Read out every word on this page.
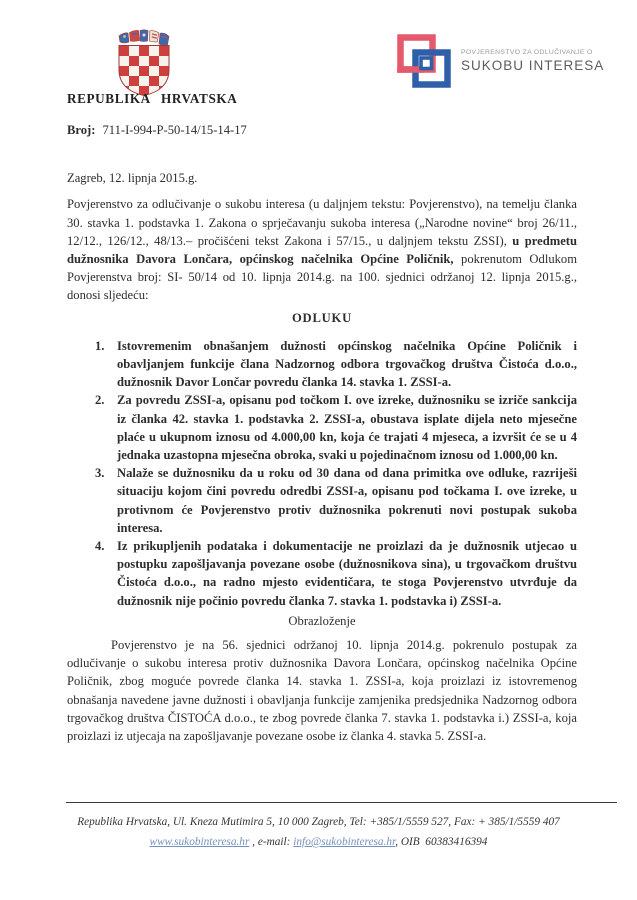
REPUBLIKA HRVATSKA
POVJERENSTVO ZA ODLUČIVANJE O
SUKOBU INTERESA
Broj: 711-I-994-P-50-14/15-14-17
Zagreb, 12. lipnja 2015.g.
Povjerenstvo za odlučivanje o sukobu interesa (u daljnjem tekstu: Povjerenstvo), na temelju članka 30. stavka 1. podstavka 1. Zakona o sprječavanju sukoba interesa („Narodne novine“ broj 26/11., 12/12., 126/12., 48/13.– pročišćeni tekst Zakona i 57/15., u daljnjem tekstu ZSSI), u predmetu dužnosnika Davora Lončara, općinskog načelnika Općine Poličnik, pokrenutom Odlukom Povjerenstva broj: SI- 50/14 od 10. lipnja 2014.g. na 100. sjednici održanoj 12. lipnja 2015.g., donosi sljedeću:
ODLUKU
1. Istovremenim obnašanjem dužnosti općinskog načelnika Općine Poličnik i obavljanjem funkcije člana Nadzornog odbora trgovačkog društva Čistoća d.o.o., dužnosnik Davor Lončar povredu članka 14. stavka 1. ZSSI-a.
2. Za povredu ZSSI-a, opisanu pod točkom I. ove izreke, dužnosniku se izriče sankcija iz članka 42. stavka 1. podstavka 2. ZSSI-a, obustava isplate dijela neto mjesečne plaće u ukupnom iznosu od 4.000,00 kn, koja će trajati 4 mjeseca, a izvršit će se u 4 jednaka uzastopna mjesečna obroka, svaki u pojedinačnom iznosu od 1.000,00 kn.
3. Nalaže se dužnosniku da u roku od 30 dana od dana primitka ove odluke, razriješi situaciju kojom čini povredu odredbi ZSSI-a, opisanu pod točkama I. ove izreke, u protivnom će Povjerenstvo protiv dužnosnika pokrenuti novi postupak sukoba interesa.
4. Iz prikupljenih podataka i dokumentacije ne proizlazi da je dužnosnik utjecao u postupku zapošljavanja povezane osobe (dužnosnikova sina), u trgovačkom društvu Čistoća d.o.o., na radno mjesto evidentičara, te stoga Povjerenstvo utvrđuje da dužnosnik nije počinio povredu članka 7. stavka 1. podstavka i) ZSSI-a.
Obrazloženje
Povjerenstvo je na 56. sjednici održanoj 10. lipnja 2014.g. pokrenulo postupak za odlučivanje o sukobu interesa protiv dužnosnika Davora Lončara, općinskog načelnika Općine Poličnik, zbog moguće povrede članka 14. stavka 1. ZSSI-a, koja proizlazi iz istovremenog obnašanja navedene javne dužnosti i obavljanja funkcije zamjenika predsjednika Nadzornog odbora trgovačkog društva ČISTOĆA d.o.o., te zbog povrede članka 7. stavka 1. podstavka i.) ZSSI-a, koja proizlazi iz utjecaja na zapošljavanje povezane osobe iz članka 4. stavka 5. ZSSI-a.
Republika Hrvatska, Ul. Kneza Mutimira 5, 10 000 Zagreb, Tel: +385/1/5559 527, Fax: + 385/1/5559 407
www.sukobinteresa.hr , e-mail: info@sukobinteresa.hr, OIB  60383416394
